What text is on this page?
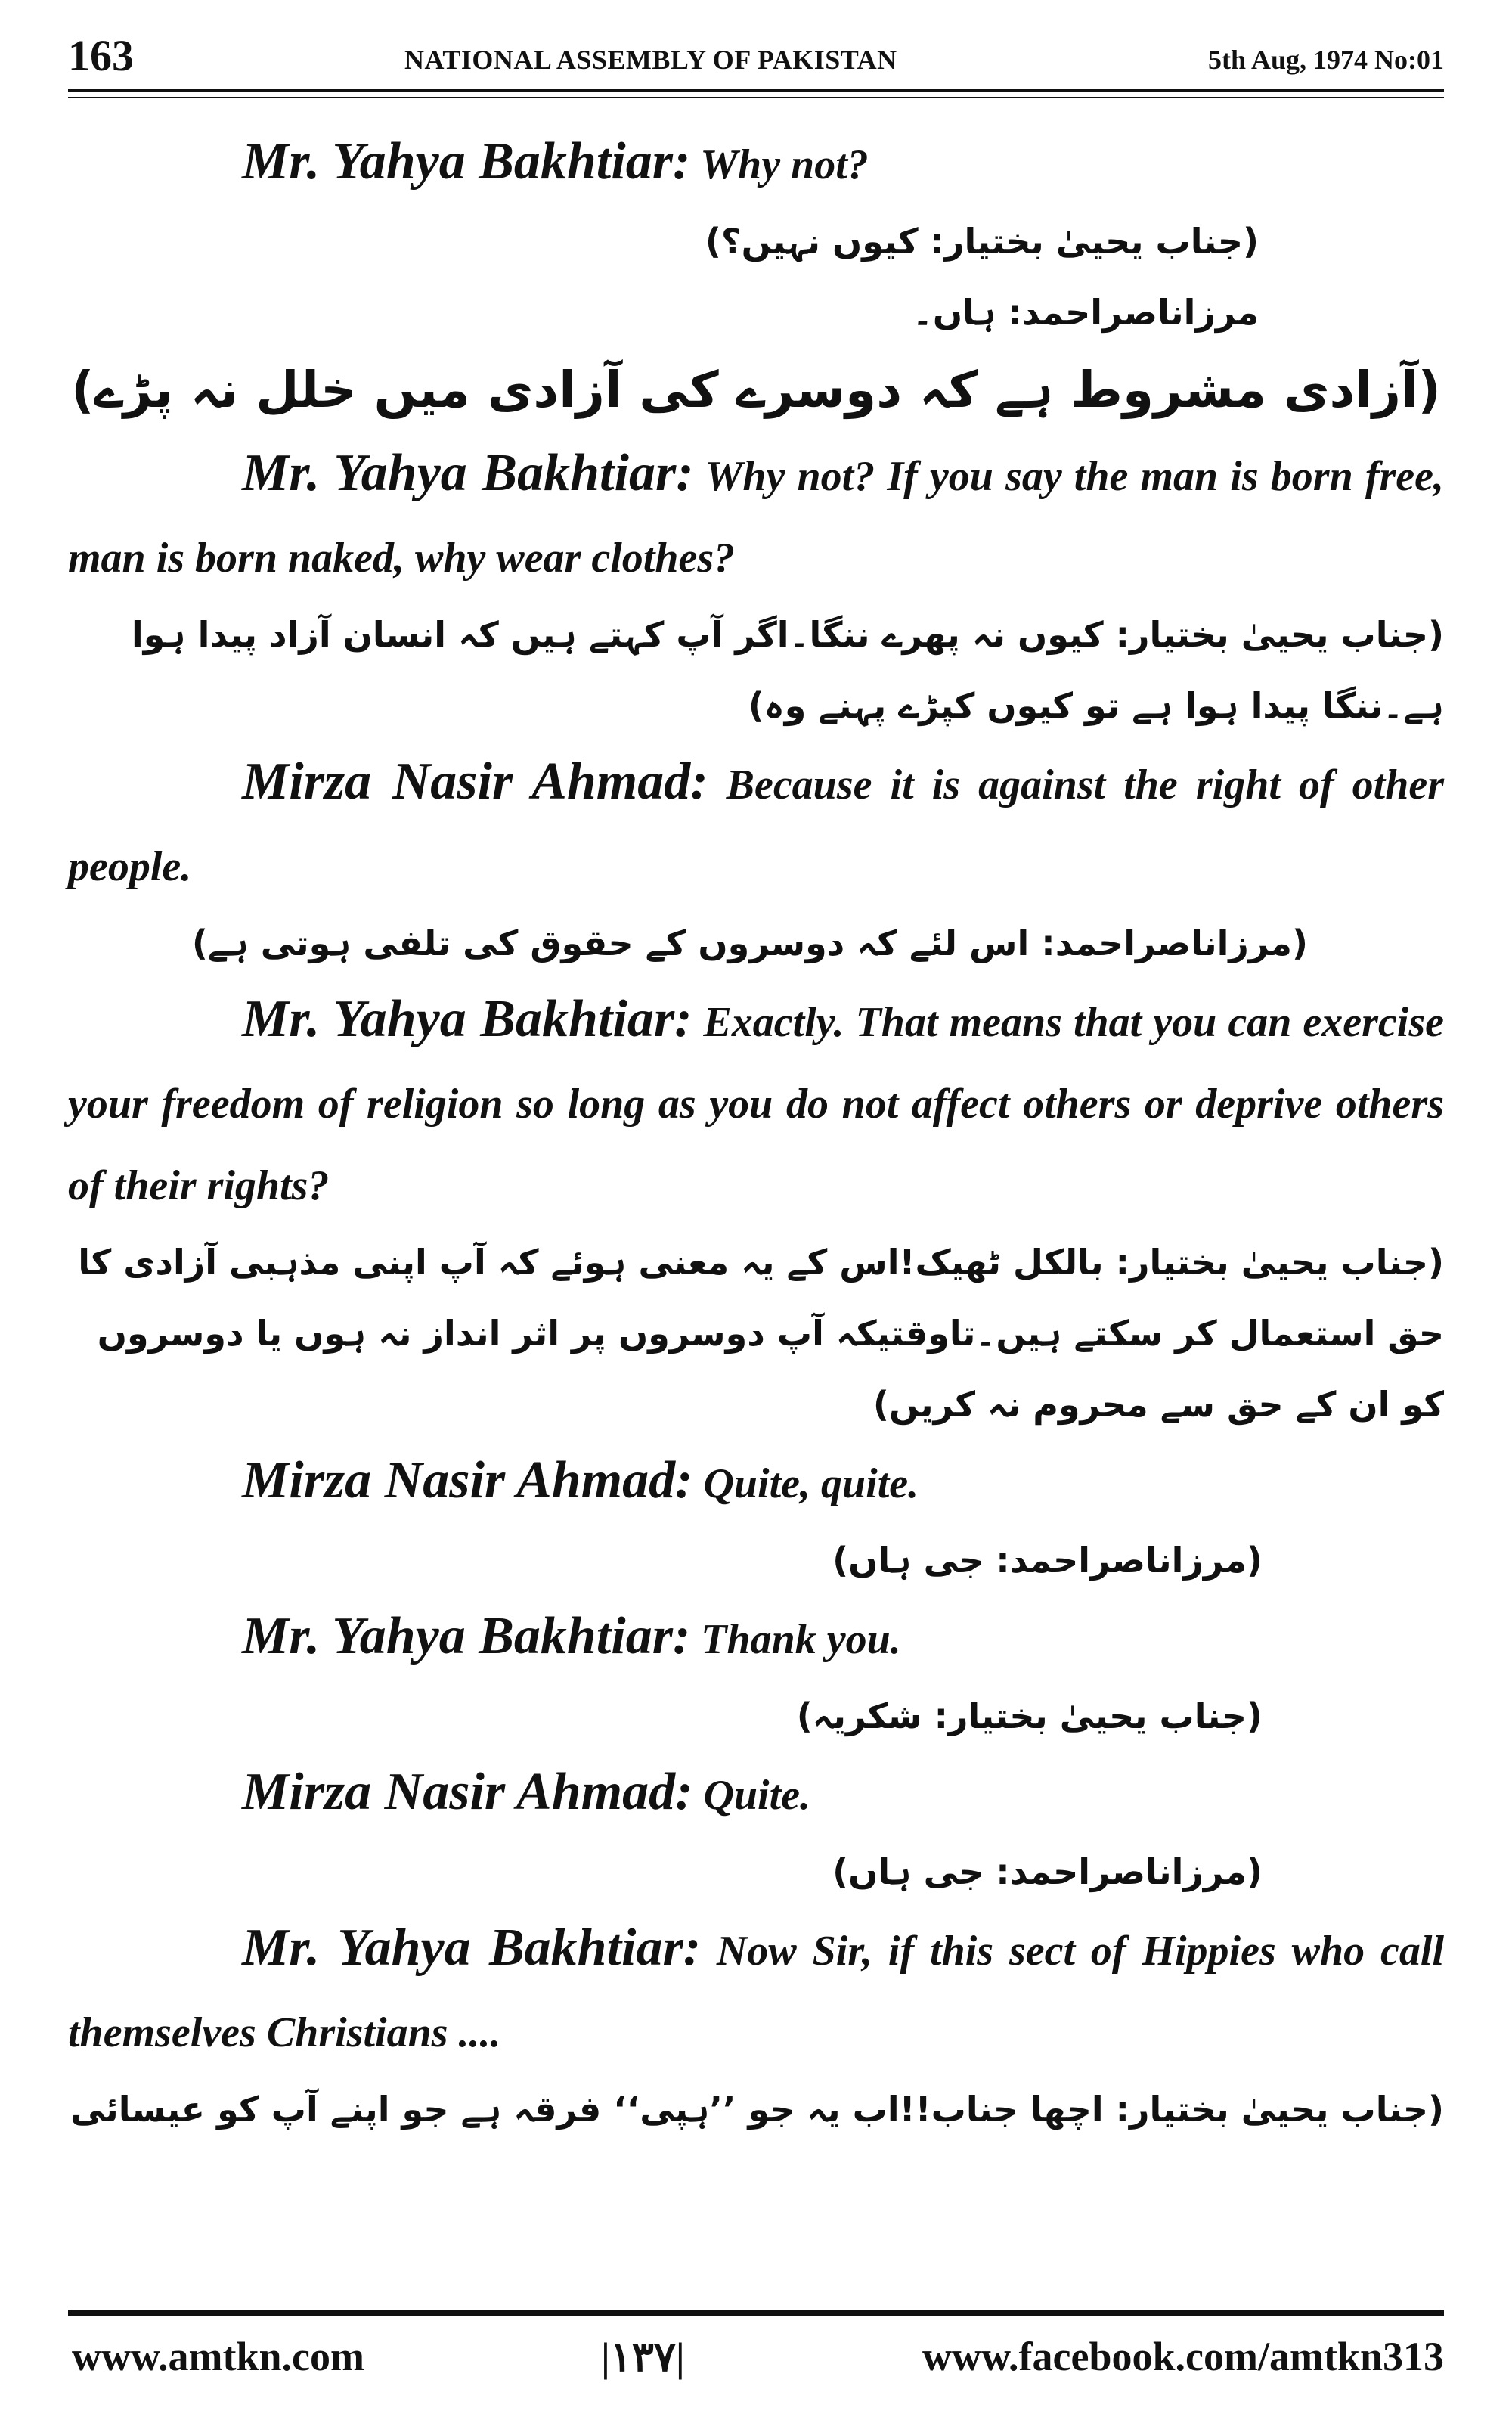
163	NATIONAL ASSEMBLY OF PAKISTAN	5th Aug, 1974 No:01

Mr. Yahya Bakhtiar: Why not?

(جناب یحییٰ بختیار: کیوں نہیں؟)

مرزاناصراحمد: ہاں۔

(آزادی مشروط ہے کہ دوسرے کی آزادی میں خلل نہ پڑے)

Mr. Yahya Bakhtiar: Why not? If you say the man is born free, man is born naked, why wear clothes?

(جناب یحییٰ بختیار: کیوں نہ پھرے ننگا۔اگر آپ کہتے ہیں کہ انسان آزاد پیدا ہوا ہے۔ننگا پیدا ہوا ہے تو کیوں کپڑے پہنے وہ)

Mirza Nasir Ahmad: Because it is against the right of other people.

(مرزاناصراحمد: اس لئے کہ دوسروں کے حقوق کی تلفی ہوتی ہے)

Mr. Yahya Bakhtiar: Exactly. That means that you can exercise your freedom of religion so long as you do not affect others or deprive others of their rights?

(جناب یحییٰ بختیار: بالکل ٹھیک!اس کے یہ معنی ہوئے کہ آپ اپنی مذہبی آزادی کا حق استعمال کر سکتے ہیں۔تاوقتیکہ آپ دوسروں پر اثر انداز نہ ہوں یا دوسروں کو ان کے حق سے محروم نہ کریں)

Mirza Nasir Ahmad: Quite, quite.

(مرزاناصراحمد: جی ہاں)

Mr. Yahya Bakhtiar: Thank you.

(جناب یحییٰ بختیار: شکریہ)

Mirza Nasir Ahmad: Quite.

(مرزاناصراحمد: جی ہاں)

Mr. Yahya Bakhtiar: Now Sir, if this sect of Hippies who call themselves Christians ....

(جناب یحییٰ بختیار: اچھا جناب!!اب یہ جو ’’ہپی‘‘ فرقہ ہے جو اپنے آپ کو عیسائی

www.amtkn.com	|۱۳۷|	www.facebook.com/amtkn313
